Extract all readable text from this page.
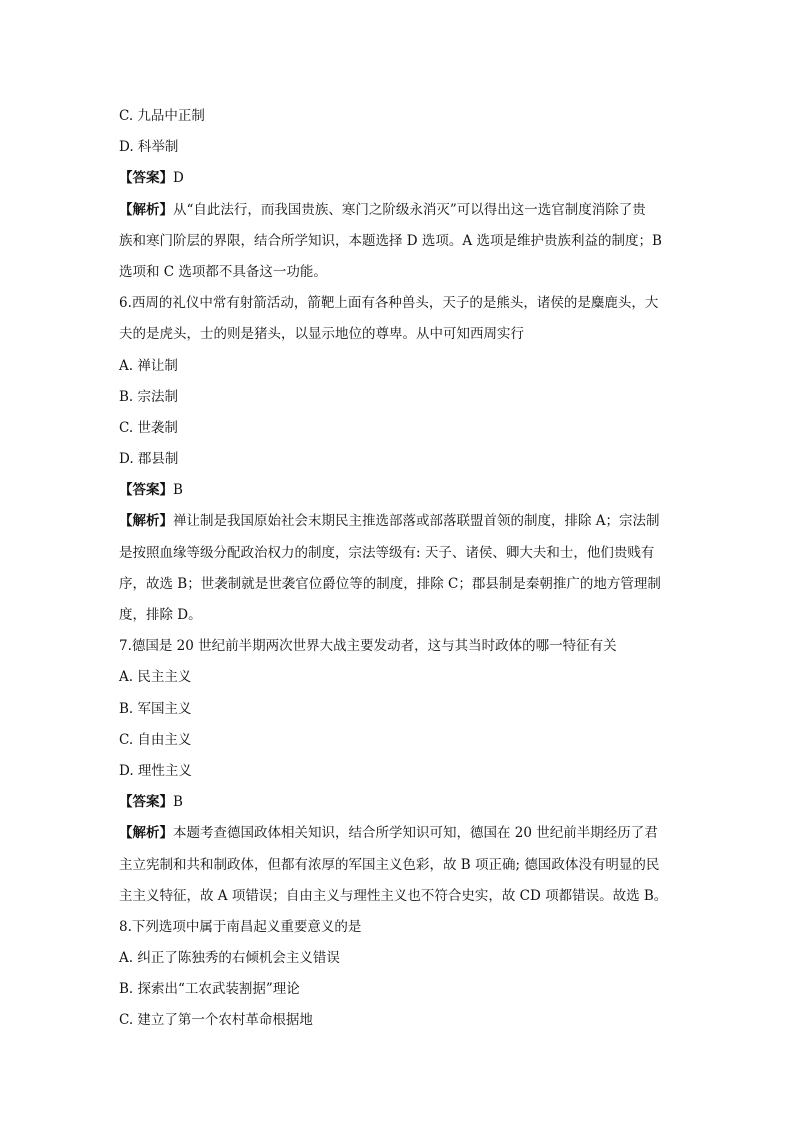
C. 九品中正制
D. 科举制
【答案】D
【解析】从“自此法行，而我国贵族、寒门之阶级永消灭”可以得出这一选官制度消除了贵
族和寒门阶层的界限，结合所学知识，本题选择 D 选项。A 选项是维护贵族利益的制度；B
选项和 C 选项都不具备这一功能。
6.西周的礼仪中常有射箭活动，箭靶上面有各种兽头，天子的是熊头，诸侯的是麋鹿头，大
夫的是虎头，士的则是猪头，以显示地位的尊卑。从中可知西周实行
A. 禅让制
B. 宗法制
C. 世袭制
D. 郡县制
【答案】B
【解析】禅让制是我国原始社会末期民主推选部落或部落联盟首领的制度，排除 A；宗法制
是按照血缘等级分配政治权力的制度，宗法等级有: 天子、诸侯、卿大夫和士，他们贵贱有
序，故选 B；世袭制就是世袭官位爵位等的制度，排除 C；郡县制是秦朝推广的地方管理制
度，排除 D。
7.德国是 20 世纪前半期两次世界大战主要发动者，这与其当时政体的哪一特征有关
A. 民主主义
B. 军国主义
C. 自由主义
D. 理性主义
【答案】B
【解析】本题考查德国政体相关知识，结合所学知识可知，德国在 20 世纪前半期经历了君
主立宪制和共和制政体，但都有浓厚的军国主义色彩，故 B 项正确; 德国政体没有明显的民
主主义特征，故 A 项错误；自由主义与理性主义也不符合史实，故 CD 项都错误。故选 B。
8.下列选项中属于南昌起义重要意义的是
A. 纠正了陈独秀的右倾机会主义错误
B. 探索出“工农武装割据”理论
C. 建立了第一个农村革命根据地
